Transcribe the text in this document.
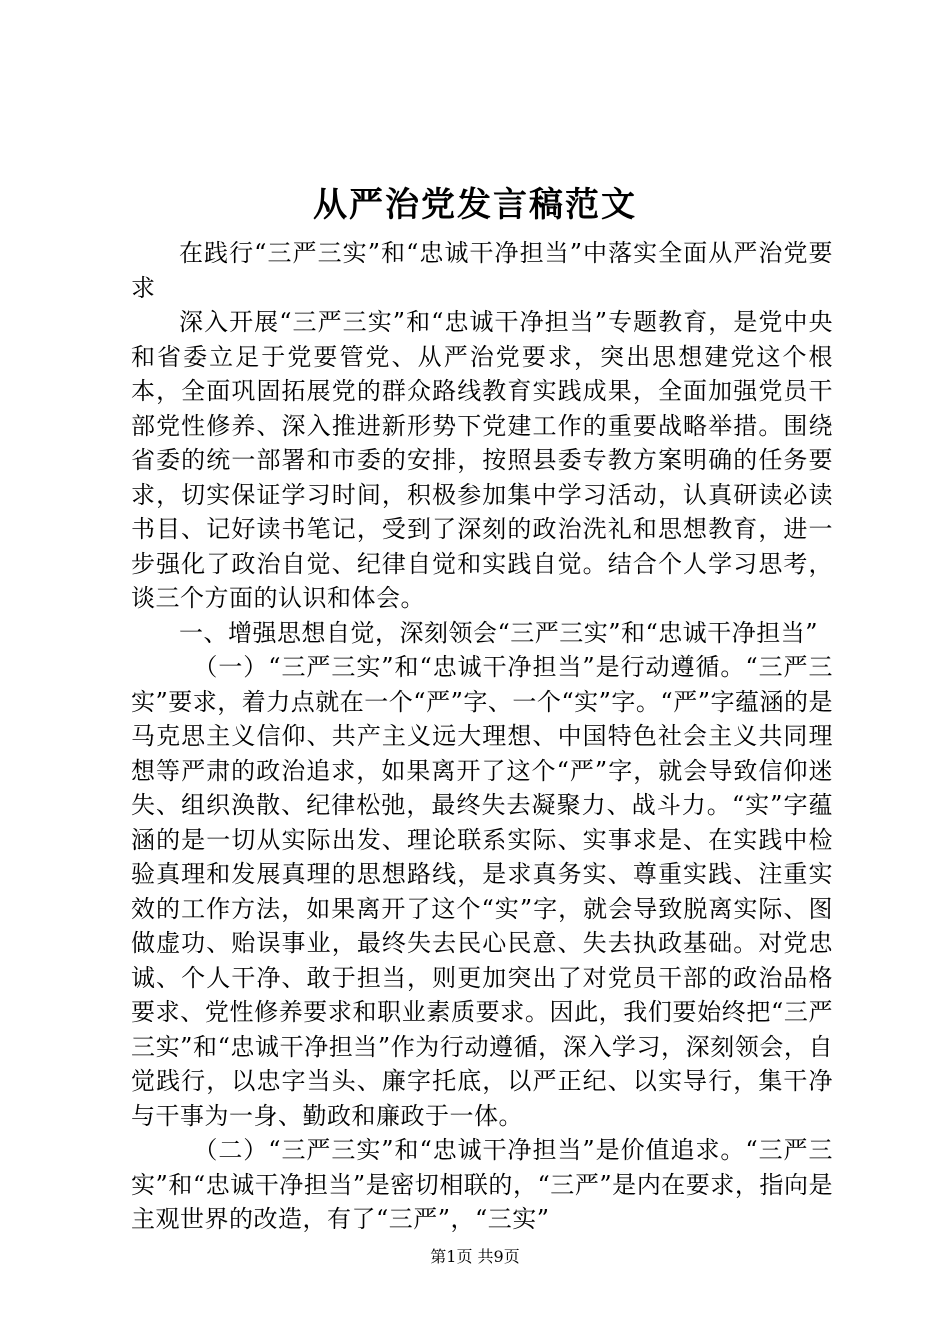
从严治党发言稿范文

在践行“三严三实”和“忠诚干净担当”中落实全面从严治党要求

深入开展“三严三实”和“忠诚干净担当”专题教育，是党中央和省委立足于党要管党、从严治党要求，突出思想建党这个根本，全面巩固拓展党的群众路线教育实践成果，全面加强党员干部党性修养、深入推进新形势下党建工作的重要战略举措。围绕省委的统一部署和市委的安排，按照县委专教方案明确的任务要求，切实保证学习时间，积极参加集中学习活动，认真研读必读书目、记好读书笔记，受到了深刻的政治洗礼和思想教育，进一步强化了政治自觉、纪律自觉和实践自觉。结合个人学习思考，谈三个方面的认识和体会。

一、增强思想自觉，深刻领会“三严三实”和“忠诚干净担当”

（一）“三严三实”和“忠诚干净担当”是行动遵循。“三严三实”要求，着力点就在一个“严”字、一个“实”字。“严”字蕴涵的是马克思主义信仰、共产主义远大理想、中国特色社会主义共同理想等严肃的政治追求，如果离开了这个“严”字，就会导致信仰迷失、组织涣散、纪律松弛，最终失去凝聚力、战斗力。“实”字蕴涵的是一切从实际出发、理论联系实际、实事求是、在实践中检验真理和发展真理的思想路线，是求真务实、尊重实践、注重实效的工作方法，如果离开了这个“实”字，就会导致脱离实际、图做虚功、贻误事业，最终失去民心民意、失去执政基础。对党忠诚、个人干净、敢于担当，则更加突出了对党员干部的政治品格要求、党性修养要求和职业素质要求。因此，我们要始终把“三严三实”和“忠诚干净担当”作为行动遵循，深入学习，深刻领会，自觉践行，以忠字当头、廉字托底，以严正纪、以实导行，集干净与干事为一身、勤政和廉政于一体。

（二）“三严三实”和“忠诚干净担当”是价值追求。“三严三实”和“忠诚干净担当”是密切相联的，“三严”是内在要求，指向是主观世界的改造，有了“三严”，“三实”

第1页 共9页
